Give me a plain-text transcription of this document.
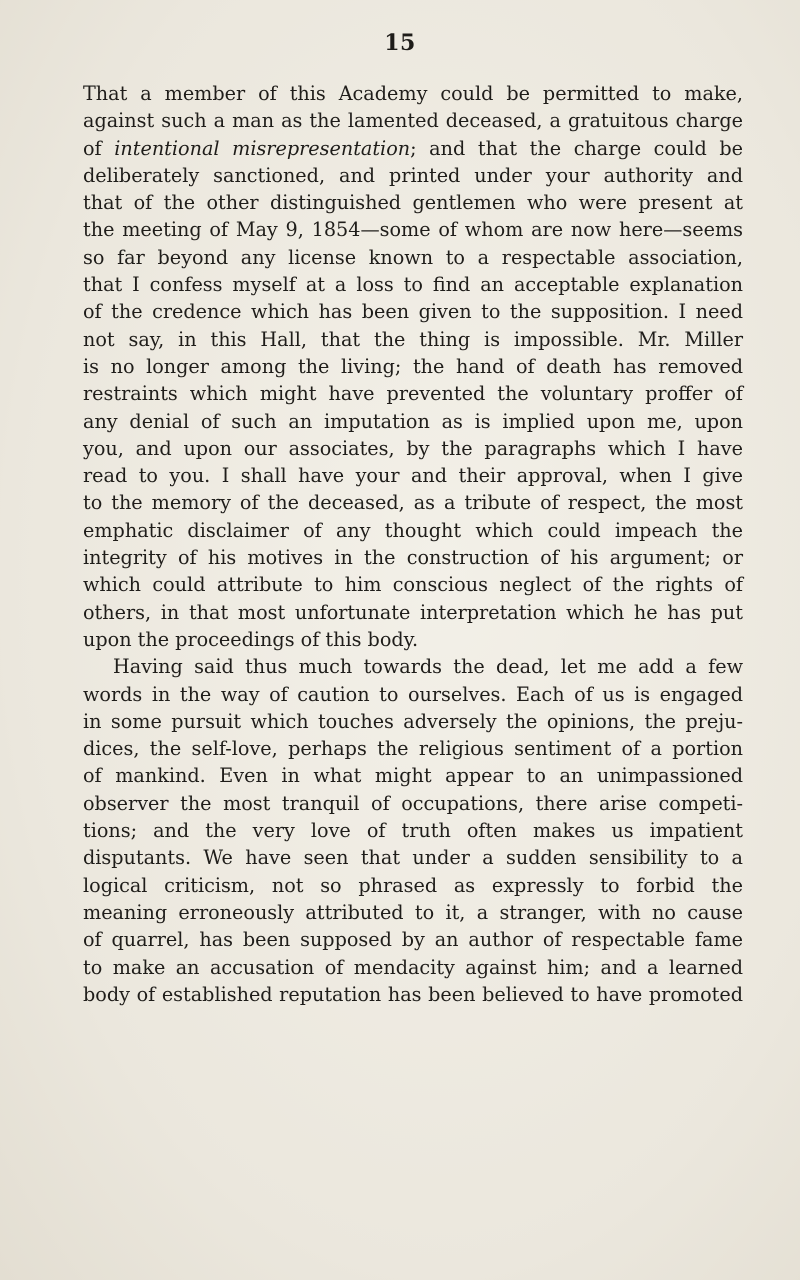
15
That a member of this Academy could be permitted to make,
against such a man as the lamented deceased, a gratuitous charge
of intentional misrepresentation; and that the charge could be
deliberately sanctioned, and printed under your authority and
that of the other distinguished gentlemen who were present at
the meeting of May 9, 1854—some of whom are now here—seems
so far beyond any license known to a respectable association,
that I confess myself at a loss to find an acceptable explanation
of the credence which has been given to the supposition. I need
not say, in this Hall, that the thing is impossible. Mr. Miller
is no longer among the living; the hand of death has removed
restraints which might have prevented the voluntary proffer of
any denial of such an imputation as is implied upon me, upon
you, and upon our associates, by the paragraphs which I have
read to you. I shall have your and their approval, when I give
to the memory of the deceased, as a tribute of respect, the most
emphatic disclaimer of any thought which could impeach the
integrity of his motives in the construction of his argument; or
which could attribute to him conscious neglect of the rights of
others, in that most unfortunate interpretation which he has put
upon the proceedings of this body.
Having said thus much towards the dead, let me add a few
words in the way of caution to ourselves. Each of us is engaged
in some pursuit which touches adversely the opinions, the preju-
dices, the self-love, perhaps the religious sentiment of a portion
of mankind. Even in what might appear to an unimpassioned
observer the most tranquil of occupations, there arise competi-
tions; and the very love of truth often makes us impatient
disputants. We have seen that under a sudden sensibility to a
logical criticism, not so phrased as expressly to forbid the
meaning erroneously attributed to it, a stranger, with no cause
of quarrel, has been supposed by an author of respectable fame
to make an accusation of mendacity against him; and a learned
body of established reputation has been believed to have promoted
